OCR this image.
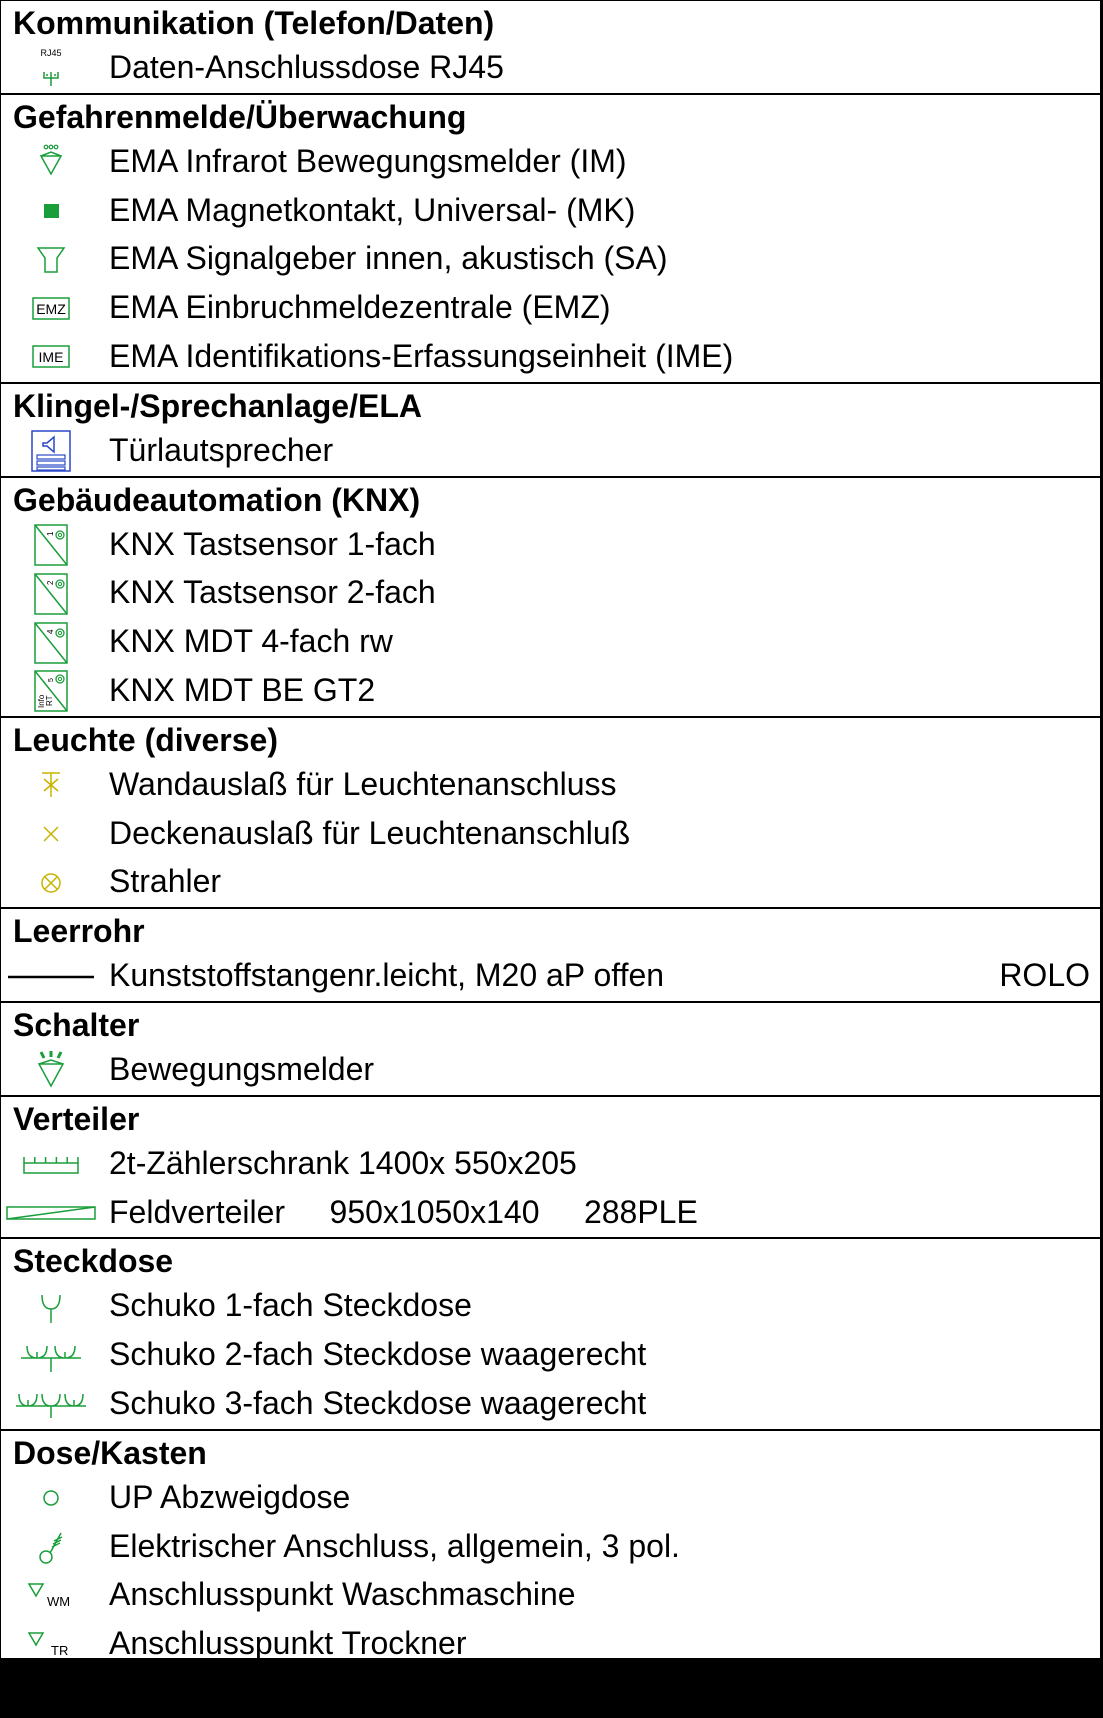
Kommunikation (Telefon/Daten)
RJ45 Daten-Anschlussdose RJ45
Gefahrenmelde/Überwachung
EMA Infrarot Bewegungsmelder (IM)
EMA Magnetkontakt, Universal- (MK)
EMA Signalgeber innen, akustisch (SA)
EMZ EMA Einbruchmeldezentrale (EMZ)
IME EMA Identifikations-Erfassungseinheit (IME)
Klingel-/Sprechanlage/ELA
Türlautsprecher
Gebäudeautomation (KNX)
1 KNX Tastsensor 1-fach
2 KNX Tastsensor 2-fach
4 KNX MDT 4-fach rw
5
Info RT KNX MDT BE GT2
Leuchte (diverse)
Wandauslaß für Leuchtenanschluss
Deckenauslaß für Leuchtenanschluß
Strahler
Leerrohr
Kunststoffstangenr.leicht, M20 aP offen	ROLO
Schalter
Bewegungsmelder
Verteiler
2t-Zählerschrank 1400x 550x205
Feldverteiler     950x1050x140     288PLE
Steckdose
Schuko 1-fach Steckdose
Schuko 2-fach Steckdose waagerecht
Schuko 3-fach Steckdose waagerecht
Dose/Kasten
UP Abzweigdose
Elektrischer Anschluss, allgemein, 3 pol.
WM Anschlusspunkt Waschmaschine
TR Anschlusspunkt Trockner
M Motor Motor
